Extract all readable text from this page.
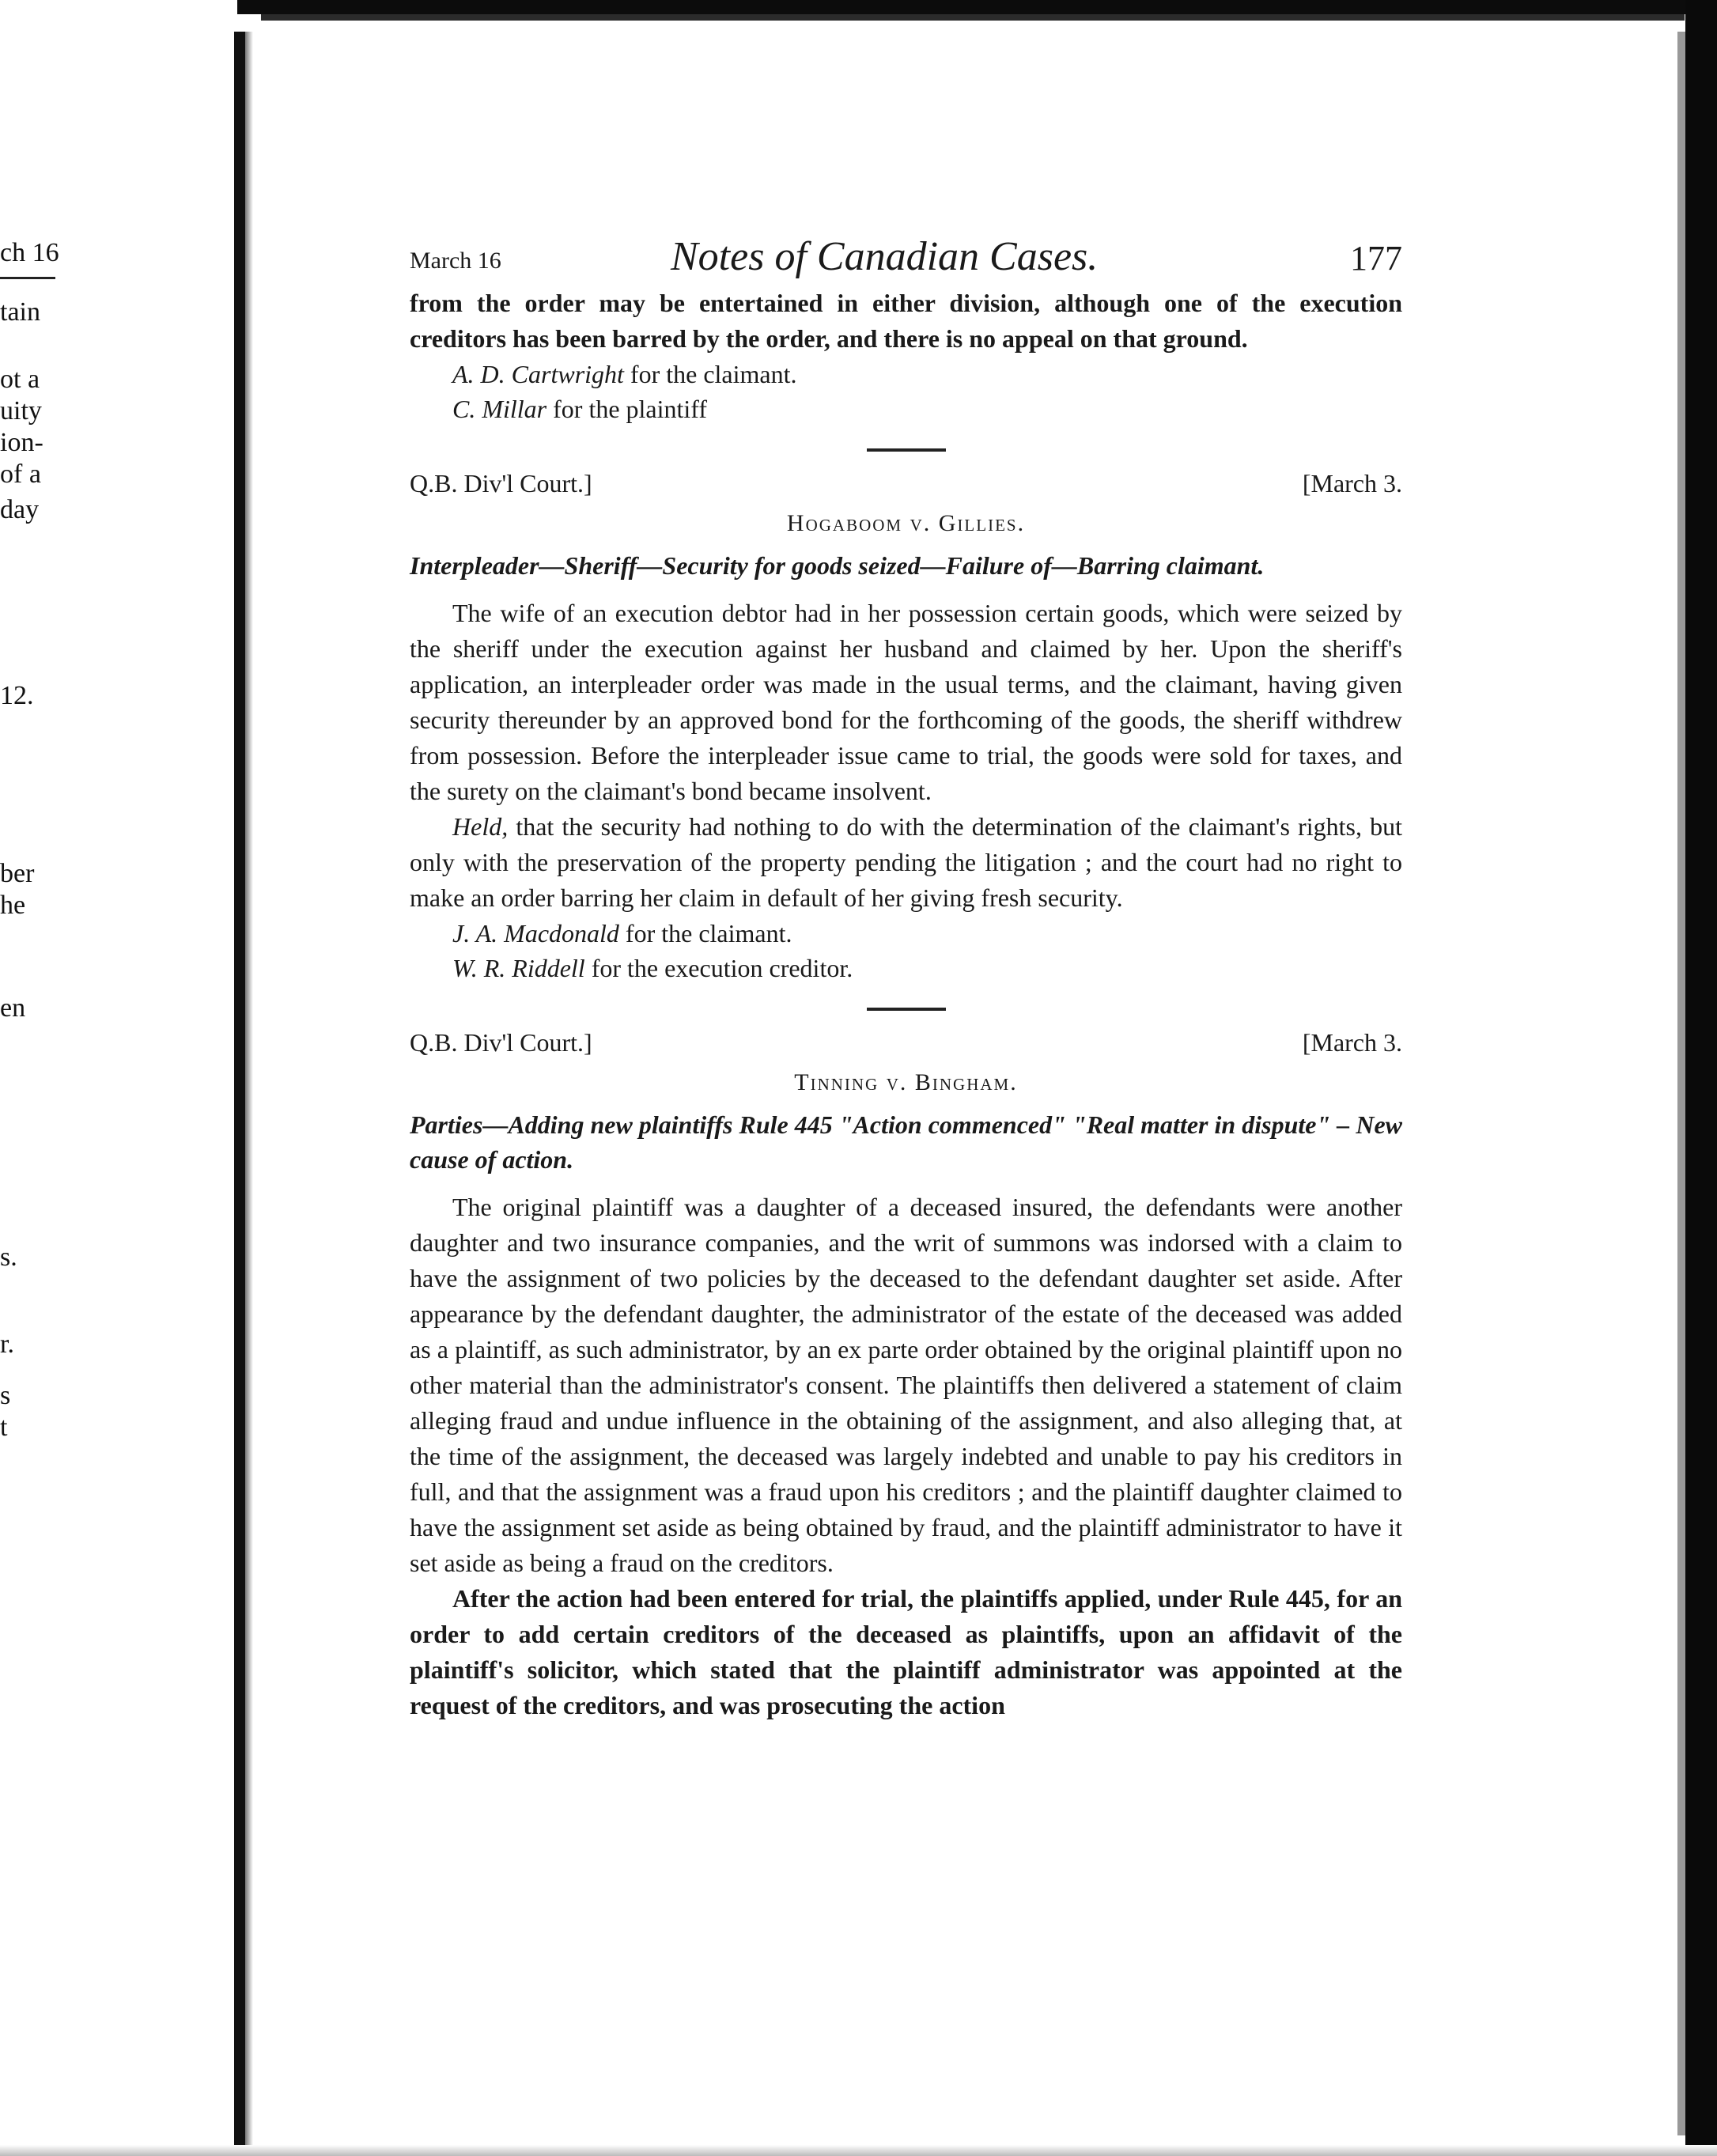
ch 16
tain
ot a
uity
ion-
of a
day
12.
ber
he
en
s.
r.
s
t
March 16	Notes of Canadian Cases.	177

from the order may be entertained in either division, although one of the execution creditors has been barred by the order, and there is no appeal on that ground.

A. D. Cartwright for the claimant.

C. Millar for the plaintiff

Q.B. Div'l Court.]	[March 3.
Hogaboom v. Gillies.

Interpleader—Sheriff—Security for goods seized—Failure of—Barring claimant.

The wife of an execution debtor had in her possession certain goods, which were seized by the sheriff under the execution against her husband and claimed by her. Upon the sheriff's application, an interpleader order was made in the usual terms, and the claimant, having given security thereunder by an approved bond for the forthcoming of the goods, the sheriff withdrew from possession. Before the interpleader issue came to trial, the goods were sold for taxes, and the surety on the claimant's bond became insolvent.

Held, that the security had nothing to do with the determination of the claimant's rights, but only with the preservation of the property pending the litigation ; and the court had no right to make an order barring her claim in default of her giving fresh security.

J. A. Macdonald for the claimant.

W. R. Riddell for the execution creditor.

Q.B. Div'l Court.]	[March 3.
Tinning v. Bingham.

Parties—Adding new plaintiffs Rule 445 "Action commenced" "Real matter in dispute" – New cause of action.

The original plaintiff was a daughter of a deceased insured, the defendants were another daughter and two insurance companies, and the writ of summons was indorsed with a claim to have the assignment of two policies by the deceased to the defendant daughter set aside. After appearance by the defendant daughter, the administrator of the estate of the deceased was added as a plaintiff, as such administrator, by an ex parte order obtained by the original plaintiff upon no other material than the administrator's consent. The plaintiffs then delivered a statement of claim alleging fraud and undue influence in the obtaining of the assignment, and also alleging that, at the time of the assignment, the deceased was largely indebted and unable to pay his creditors in full, and that the assignment was a fraud upon his creditors ; and the plaintiff daughter claimed to have the assignment set aside as being obtained by fraud, and the plaintiff administrator to have it set aside as being a fraud on the creditors.

After the action had been entered for trial, the plaintiffs applied, under Rule 445, for an order to add certain creditors of the deceased as plaintiffs, upon an affidavit of the plaintiff's solicitor, which stated that the plaintiff administrator was appointed at the request of the creditors, and was prosecuting the action
